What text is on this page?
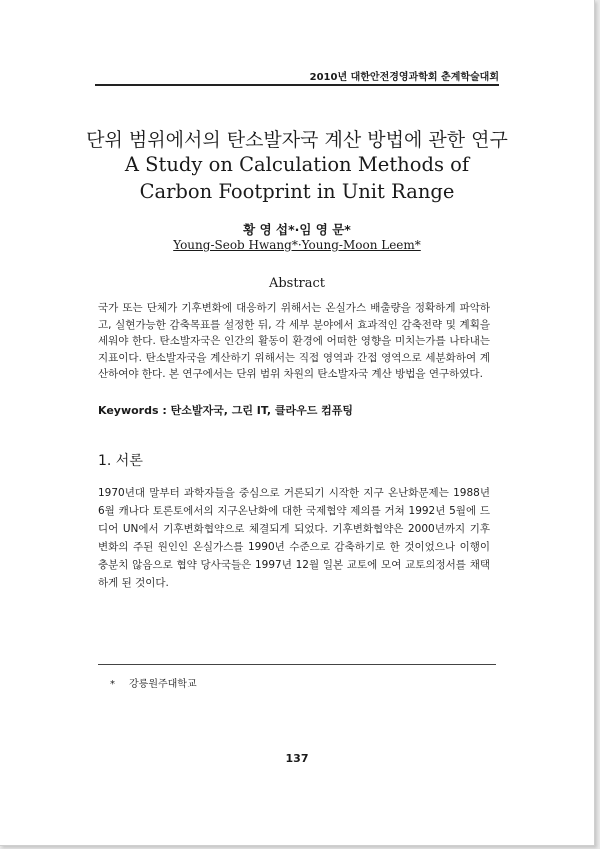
2010년 대한안전경영과학회 춘계학술대회
단위 범위에서의 탄소발자국 계산 방법에 관한 연구
A Study on Calculation Methods of Carbon Footprint in Unit Range
황 영 섭*·임 영 문*
Young-Seob Hwang*·Young-Moon Leem*
Abstract
국가 또는 단체가 기후변화에 대응하기 위해서는 온실가스 배출량을 정확하게 파악하고, 실현가능한 감축목표를 설정한 뒤, 각 세부 분야에서 효과적인 감축전략 및 계획을 세워야 한다. 탄소발자국은 인간의 활동이 환경에 어떠한 영향을 미치는가를 나타내는 지표이다. 탄소발자국을 계산하기 위해서는 직접 영역과 간접 영역으로 세분화하여 계산하여야 한다. 본 연구에서는 단위 범위 차원의 탄소발자국 계산 방법을 연구하였다.
Keywords : 탄소발자국, 그린 IT, 클라우드 컴퓨팅
1. 서론
1970년대 말부터 과학자들을 중심으로 거론되기 시작한 지구 온난화문제는 1988년 6월 캐나다 토론토에서의 지구온난화에 대한 국제협약 제의를 거쳐 1992년 5월에 드디어 UN에서 기후변화협약으로 체결되게 되었다. 기후변화협약은 2000년까지 기후 변화의 주된 원인인 온실가스를 1990년 수준으로 감축하기로 한 것이었으나 이행이 충분치 않음으로 협약 당사국들은 1997년 12월 일본 교토에 모여 교토의정서를 채택하게 된 것이다.
* 강릉원주대학교
137
